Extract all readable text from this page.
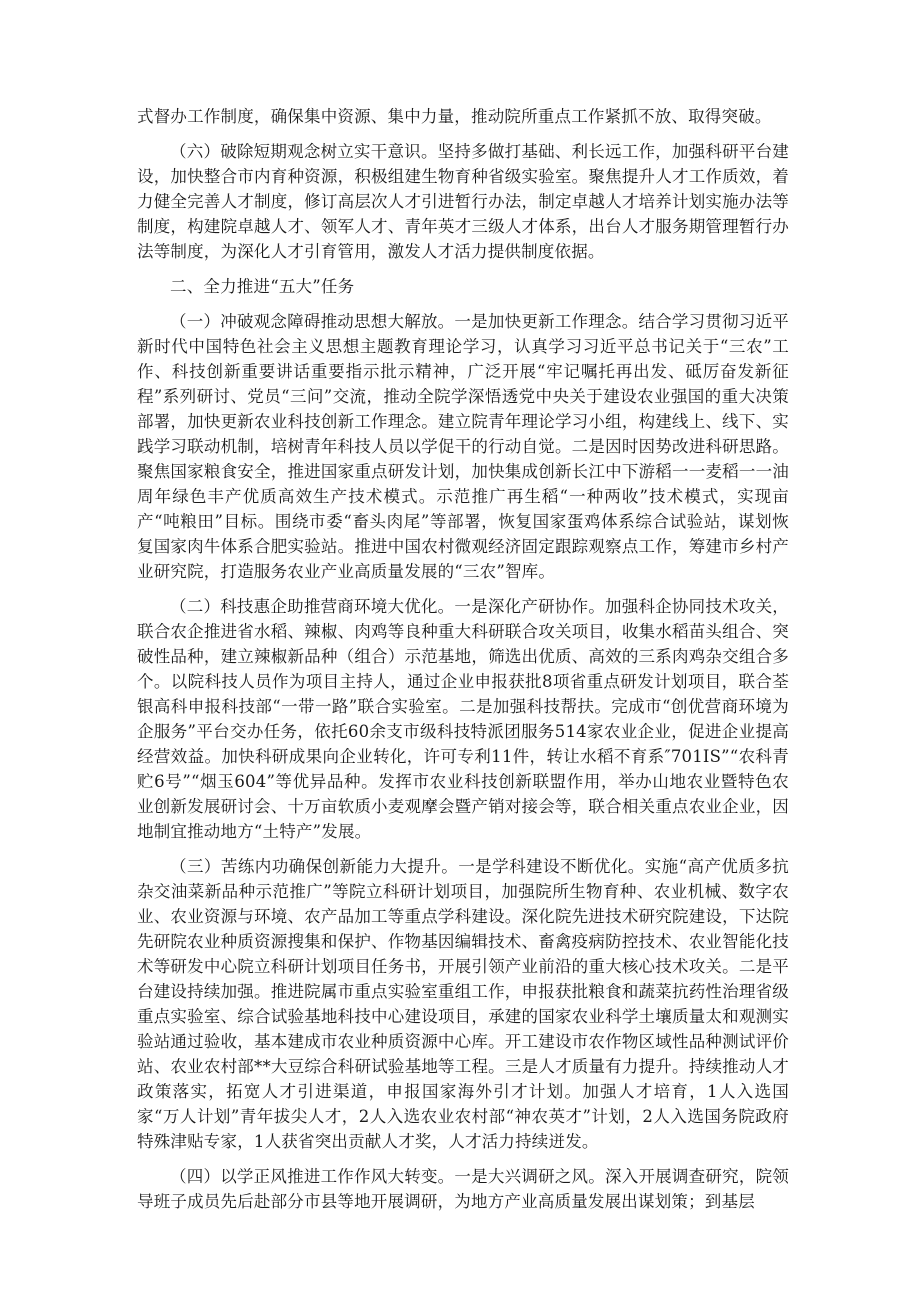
式督办工作制度，确保集中资源、集中力量，推动院所重点工作紧抓不放、取得突破。

（六）破除短期观念树立实干意识。坚持多做打基础、利长远工作，加强科研平台建设，加快整合市内育种资源，积极组建生物育种省级实验室。聚焦提升人才工作质效，着力健全完善人才制度，修订高层次人才引进暂行办法，制定卓越人才培养计划实施办法等制度，构建院卓越人才、领军人才、青年英才三级人才体系，出台人才服务期管理暂行办法等制度，为深化人才引育管用，激发人才活力提供制度依据。

二、全力推进“五大”任务

（一）冲破观念障碍推动思想大解放。一是加快更新工作理念。结合学习贯彻习近平新时代中国特色社会主义思想主题教育理论学习，认真学习习近平总书记关于“三农”工作、科技创新重要讲话重要指示批示精神，广泛开展“牢记嘱托再出发、砥厉奋发新征程”系列研讨、党员“三问”交流，推动全院学深悟透党中央关于建设农业强国的重大决策部署，加快更新农业科技创新工作理念。建立院青年理论学习小组，构建线上、线下、实践学习联动机制，培树青年科技人员以学促干的行动自觉。二是因时因势改进科研思路。聚焦国家粮食安全，推进国家重点研发计划，加快集成创新长江中下游稻一一麦稻一一油周年绿色丰产优质高效生产技术模式。示范推广再生稻“一种两收”技术模式，实现亩产“吨粮田”目标。围绕市委“畜头肉尾”等部署，恢复国家蛋鸡体系综合试验站，谋划恢复国家肉牛体系合肥实验站。推进中国农村微观经济固定跟踪观察点工作，筹建市乡村产业研究院，打造服务农业产业高质量发展的“三农”智库。

（二）科技惠企助推营商环境大优化。一是深化产研协作。加强科企协同技术攻关，联合农企推进省水稻、辣椒、肉鸡等良种重大科研联合攻关项目，收集水稻苗头组合、突破性品种，建立辣椒新品种（组合）示范基地，筛选出优质、高效的三系肉鸡杂交组合多个。以院科技人员作为项目主持人，通过企业申报获批8项省重点研发计划项目，联合荃银高科申报科技部“一带一路”联合实验室。二是加强科技帮扶。完成市“创优营商环境为企服务”平台交办任务，依托60余支市级科技特派团服务514家农业企业，促进企业提高经营效益。加快科研成果向企业转化，许可专利11件，转让水稻不育系″701IS”“农科青贮6号”“烟玉604”等优异品种。发挥市农业科技创新联盟作用，举办山地农业暨特色农业创新发展研讨会、十万亩软质小麦观摩会暨产销对接会等，联合相关重点农业企业，因地制宜推动地方“土特产”发展。

（三）苦练内功确保创新能力大提升。一是学科建设不断优化。实施“高产优质多抗杂交油菜新品种示范推广”等院立科研计划项目，加强院所生物育种、农业机械、数字农业、农业资源与环境、农产品加工等重点学科建设。深化院先进技术研究院建设，下达院先研院农业种质资源搜集和保护、作物基因编辑技术、畜禽疫病防控技术、农业智能化技术等研发中心院立科研计划项目任务书，开展引领产业前沿的重大核心技术攻关。二是平台建设持续加强。推进院属市重点实验室重组工作，申报获批粮食和蔬菜抗药性治理省级重点实验室、综合试验基地科技中心建设项目，承建的国家农业科学土壤质量太和观测实验站通过验收，基本建成市农业种质资源中心库。开工建设市农作物区域性品种测试评价站、农业农村部**大豆综合科研试验基地等工程。三是人才质量有力提升。持续推动人才政策落实，拓宽人才引进渠道，申报国家海外引才计划。加强人才培育，1人入选国家“万人计划”青年拔尖人才，2人入选农业农村部“神农英才”计划，2人入选国务院政府特殊津贴专家，1人获省突出贡献人才奖，人才活力持续迸发。

（四）以学正风推进工作作风大转变。一是大兴调研之风。深入开展调查研究，院领导班子成员先后赴部分市县等地开展调研，为地方产业高质量发展出谋划策；到基层
